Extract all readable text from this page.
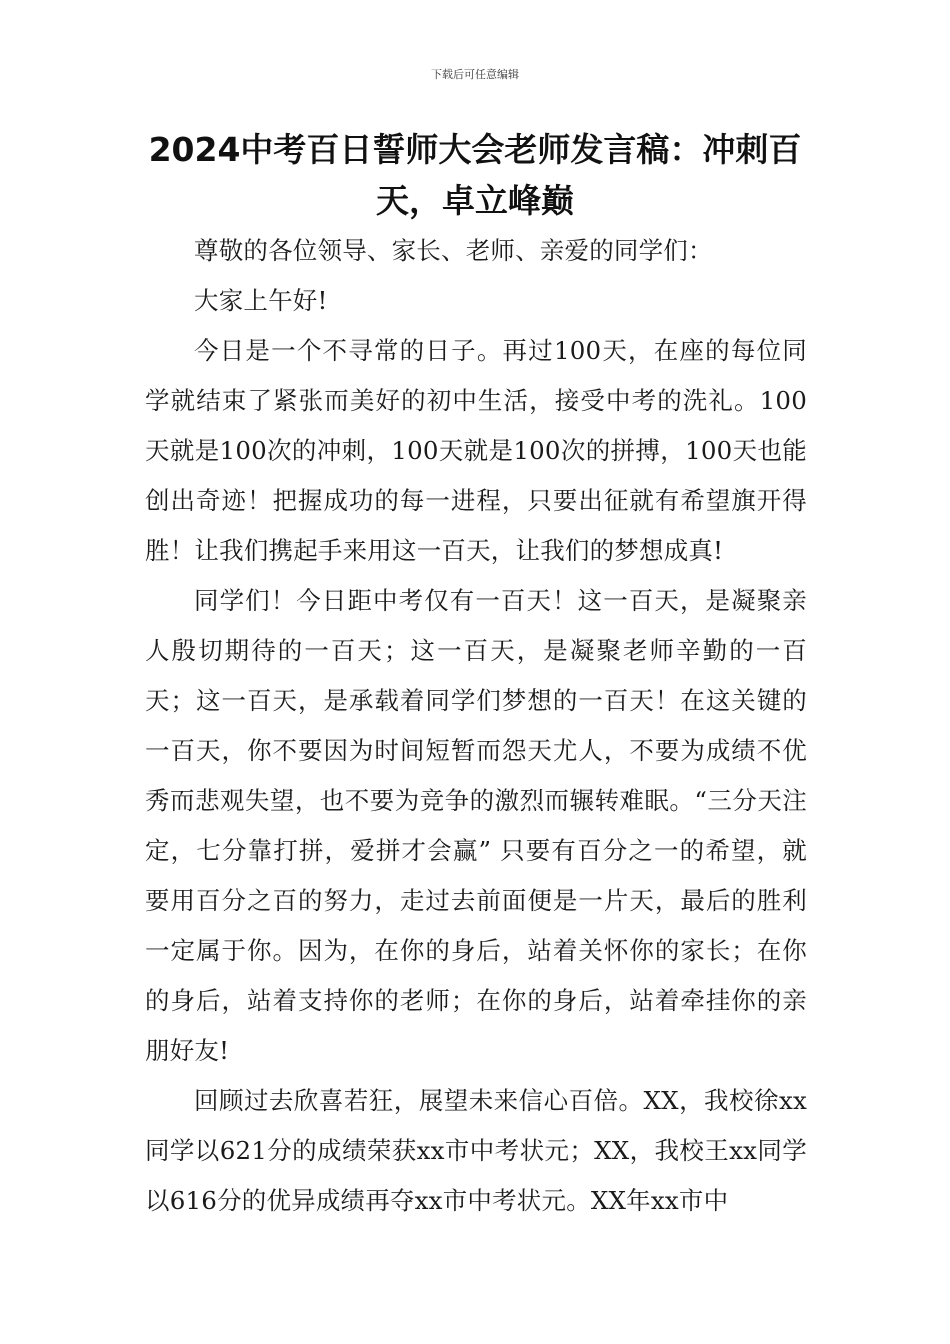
下载后可任意编辑
2024中考百日誓师大会老师发言稿：冲刺百天，卓立峰巅

尊敬的各位领导、家长、老师、亲爱的同学们：

大家上午好!

今日是一个不寻常的日子。再过100天，在座的每位同学就结束了紧张而美好的初中生活，接受中考的洗礼。100天就是100次的冲刺，100天就是100次的拼搏，100天也能创出奇迹！把握成功的每一进程，只要出征就有希望旗开得胜！让我们携起手来用这一百天，让我们的梦想成真!

同学们！今日距中考仅有一百天！这一百天，是凝聚亲人殷切期待的一百天；这一百天，是凝聚老师辛勤的一百天；这一百天，是承载着同学们梦想的一百天！在这关键的一百天，你不要因为时间短暂而怨天尤人，不要为成绩不优秀而悲观失望，也不要为竞争的激烈而辗转难眠。“三分天注定，七分靠打拼，爱拼才会赢” 只要有百分之一的希望，就要用百分之百的努力，走过去前面便是一片天，最后的胜利一定属于你。因为，在你的身后，站着关怀你的家长；在你的身后，站着支持你的老师；在你的身后，站着牵挂你的亲朋好友!

回顾过去欣喜若狂，展望未来信心百倍。XX，我校徐xx同学以621分的成绩荣获xx市中考状元；XX，我校王xx同学以616分的优异成绩再夺xx市中考状元。XX年xx市中
